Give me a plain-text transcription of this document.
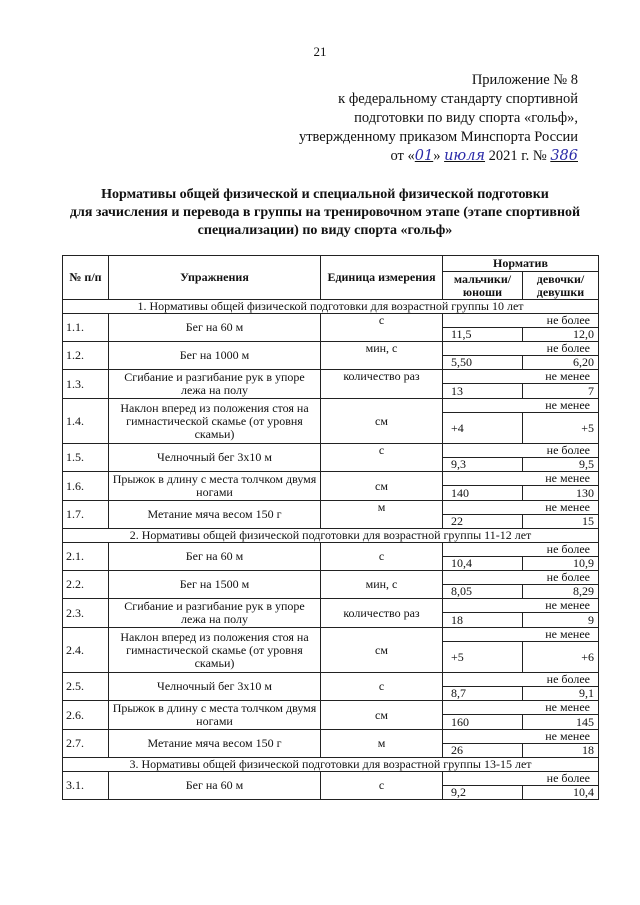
21
Приложение № 8
к федеральному стандарту спортивной
подготовки по виду спорта «гольф»,
утвержденному приказом Минспорта России
от «01» июля 2021 г. № 386
Нормативы общей физической и специальной физической подготовки
для зачисления и перевода в группы на тренировочном этапе (этапе спортивной
специализации) по виду спорта «гольф»
№ п/п	Упражнения	Единица измерения	Норматив	
			мальчики/ юноши	девочки/ девушки
1. Нормативы общей физической подготовки для возрастной группы 10 лет				
1.1.	Бег на 60 м	с	не более	
			11,5	12,0
1.2.	Бег на 1000 м	мин, с	не более	
			5,50	6,20
1.3.	Сгибание и разгибание рук в упоре лежа на полу	количество раз	не менее	
			13	7
1.4.	Наклон вперед из положения стоя на гимнастической скамье (от уровня скамьи)	см	не менее	
			+4	+5
1.5.	Челночный бег 3x10 м	с	не более	
			9,3	9,5
1.6.	Прыжок в длину с места толчком двумя ногами	см	не менее	
			140	130
1.7.	Метание мяча весом 150 г	м	не менее	
			22	15
2. Нормативы общей физической подготовки для возрастной группы 11-12 лет				
2.1.	Бег на 60 м	с	не более	
			10,4	10,9
2.2.	Бег на 1500 м	мин, с	не более	
			8,05	8,29
2.3.	Сгибание и разгибание рук в упоре лежа на полу	количество раз	не менее	
			18	9
2.4.	Наклон вперед из положения стоя на гимнастической скамье (от уровня скамьи)	см	не менее	
			+5	+6
2.5.	Челночный бег 3x10 м	с	не более	
			8,7	9,1
2.6.	Прыжок в длину с места толчком двумя ногами	см	не менее	
			160	145
2.7.	Метание мяча весом 150 г	м	не менее	
			26	18
3. Нормативы общей физической подготовки для возрастной группы 13-15 лет				
3.1.	Бег на 60 м	с	не более	
			9,2	10,4
